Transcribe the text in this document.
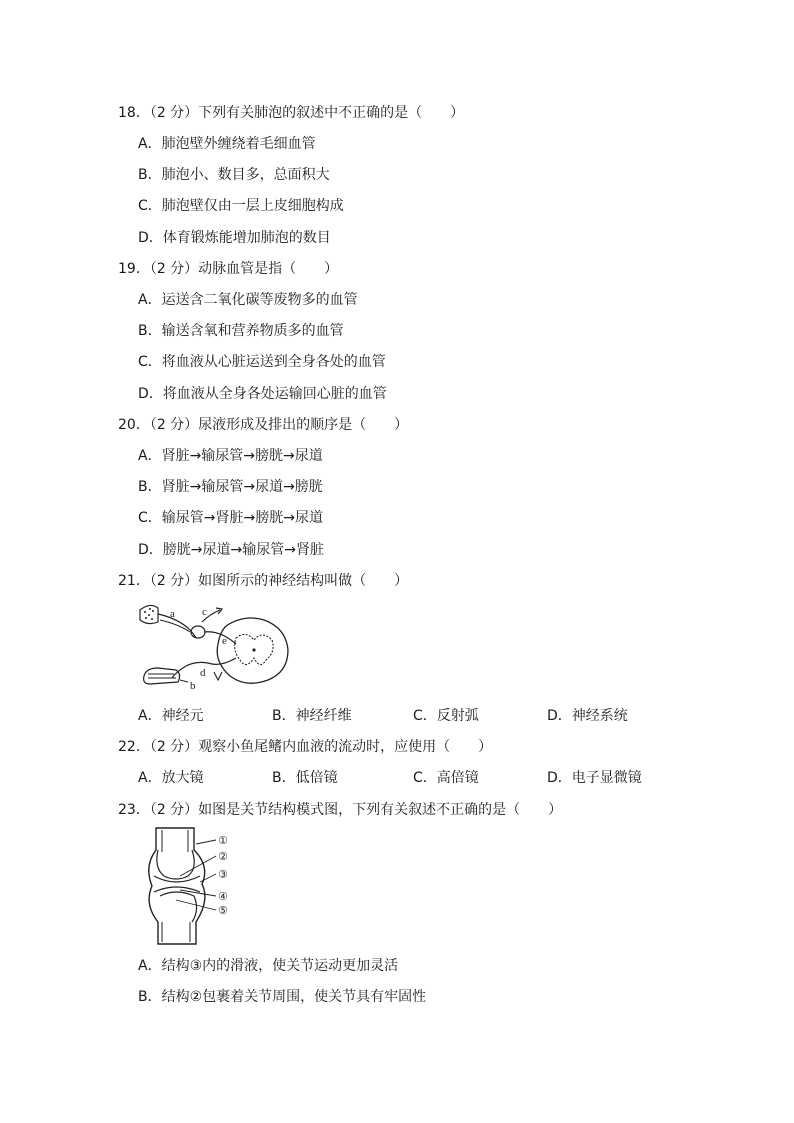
18．（2 分）下列有关肺泡的叙述中不正确的是（　　）
A．肺泡壁外缠绕着毛细血管
B．肺泡小、数目多，总面积大
C．肺泡壁仅由一层上皮细胞构成
D．体育锻炼能增加肺泡的数目
19．（2 分）动脉血管是指（　　）
A．运送含二氧化碳等废物多的血管
B．输送含氧和营养物质多的血管
C．将血液从心脏运送到全身各处的血管
D．将血液从全身各处运输回心脏的血管
20．（2 分）尿液形成及排出的顺序是（　　）
A．肾脏→输尿管→膀胱→尿道
B．肾脏→输尿管→尿道→膀胱
C．输尿管→肾脏→膀胱→尿道
D．膀胱→尿道→输尿管→肾脏
21．（2 分）如图所示的神经结构叫做（　　）
a
b
c
d
e
A．神经元	B．神经纤维	C．反射弧	D．神经系统
22．（2 分）观察小鱼尾鳍内血液的流动时，应使用（　　）
A．放大镜	B．低倍镜	C．高倍镜	D．电子显微镜
23．（2 分）如图是关节结构模式图，下列有关叙述不正确的是（　　）
①
②
③
④
⑤
A．结构③内的滑液，使关节运动更加灵活
B．结构②包裹着关节周围，使关节具有牢固性
